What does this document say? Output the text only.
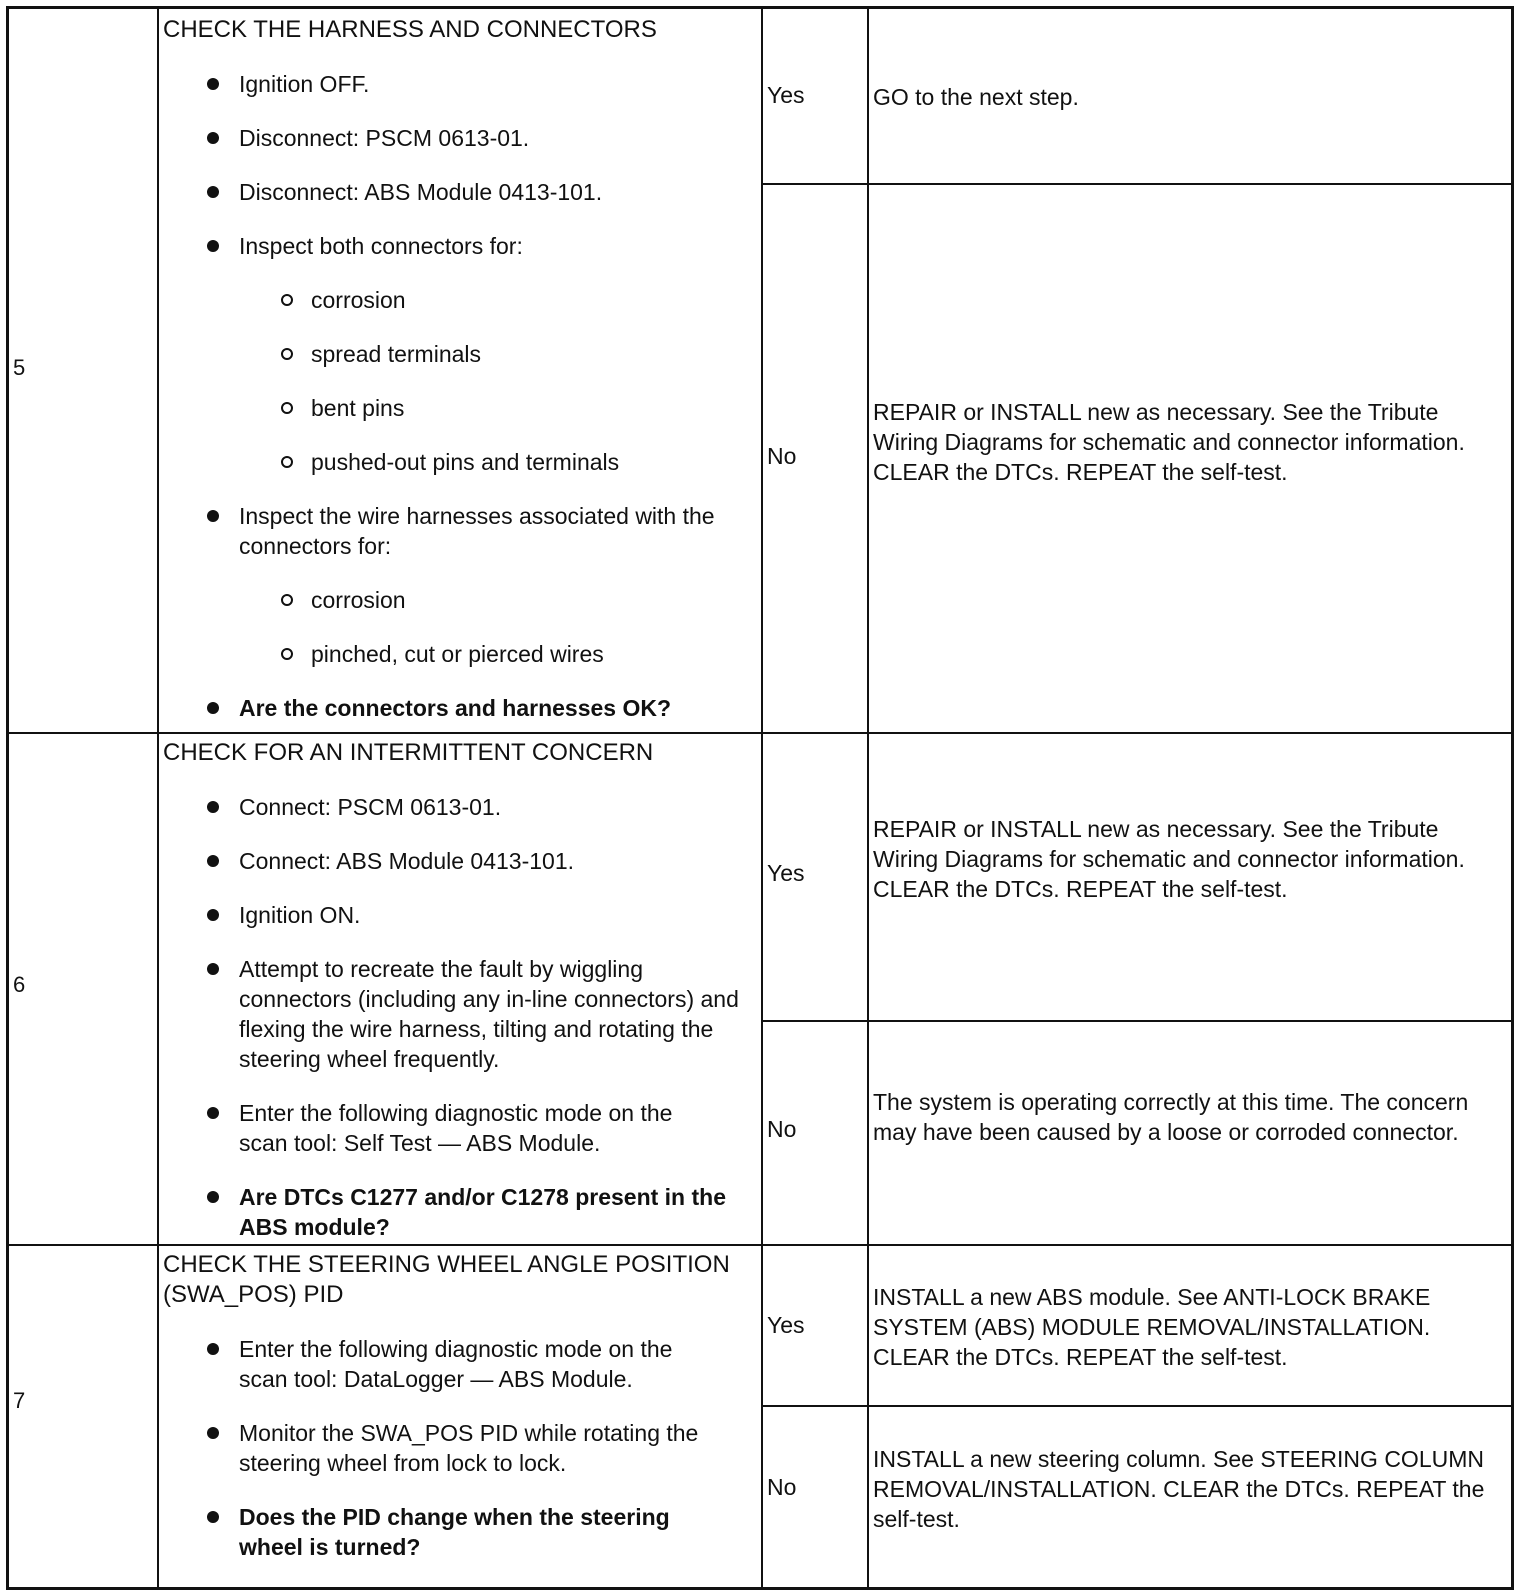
5

CHECK THE HARNESS AND CONNECTORS

Ignition OFF.
Disconnect: PSCM 0613-01.
Disconnect: ABS Module 0413-101.
Inspect both connectors for:
corrosion
spread terminals
bent pins
pushed-out pins and terminals
Inspect the wire harnesses associated with the connectors for:
corrosion
pinched, cut or pierced wires
Are the connectors and harnesses OK?
Yes	GO to the next step.
No
REPAIR or INSTALL new as necessary. See the Tribute Wiring Diagrams for schematic and connector information. CLEAR the DTCs. REPEAT the self-test.
6

CHECK FOR AN INTERMITTENT CONCERN

Connect: PSCM 0613-01.
Connect: ABS Module 0413-101.
Ignition ON.
Attempt to recreate the fault by wiggling connectors (including any in-line connectors) and flexing the wire harness, tilting and rotating the steering wheel frequently.
Enter the following diagnostic mode on the scan tool: Self Test — ABS Module.
Are DTCs C1277 and/or C1278 present in the ABS module?
Yes
REPAIR or INSTALL new as necessary. See the Tribute Wiring Diagrams for schematic and connector information. CLEAR the DTCs. REPEAT the self-test.
No
The system is operating correctly at this time. The concern may have been caused by a loose or corroded connector.
7

CHECK THE STEERING WHEEL ANGLE POSITION (SWA_POS) PID

Enter the following diagnostic mode on the scan tool: DataLogger — ABS Module.
Monitor the SWA_POS PID while rotating the steering wheel from lock to lock.
Does the PID change when the steering wheel is turned?
Yes
INSTALL a new ABS module. See ANTI-LOCK BRAKE SYSTEM (ABS) MODULE REMOVAL/INSTALLATION. CLEAR the DTCs. REPEAT the self-test.
No
INSTALL a new steering column. See STEERING COLUMN REMOVAL/INSTALLATION. CLEAR the DTCs. REPEAT the self-test.
